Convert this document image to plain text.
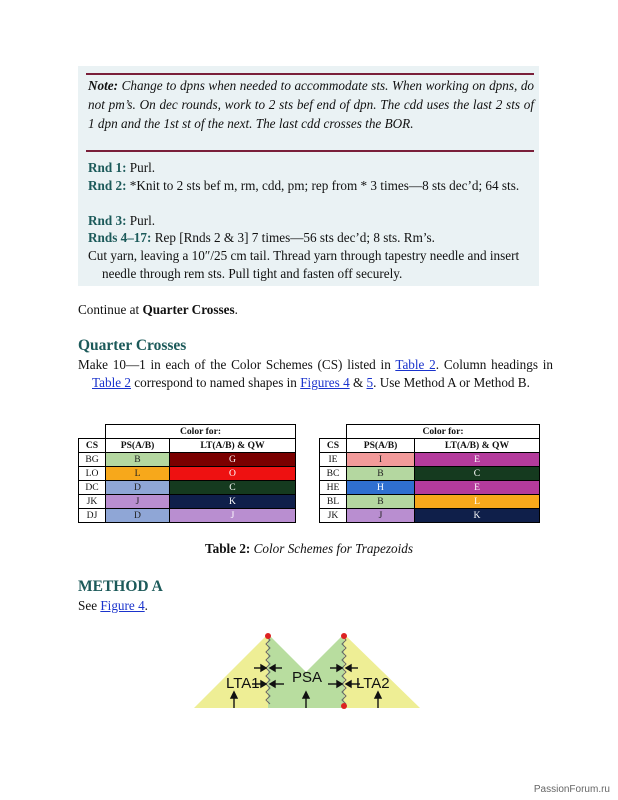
Note: Change to dpns when needed to accommodate sts. When working on dpns, do not pm’s. On dec rounds, work to 2 sts bef end of dpn. The cdd uses the last 2 sts of 1 dpn and the 1st st of the next. The last cdd crosses the BOR.
Rnd 1: Purl.
Rnd 2: *Knit to 2 sts bef m, rm, cdd, pm; rep from * 3 times—8 sts dec’d; 64 sts.
Rnd 3: Purl.
Rnds 4–17: Rep [Rnds 2 & 3] 7 times—56 sts dec’d; 8 sts. Rm’s.
Cut yarn, leaving a 10″/25 cm tail. Thread yarn through tapestry needle and insert needle through rem sts. Pull tight and fasten off securely.
Continue at Quarter Crosses.
Quarter Crosses
Make 10—1 in each of the Color Schemes (CS) listed in Table 2. Column headings in Table 2 correspond to named shapes in Figures 4 & 5. Use Method A or Method B.
	Color for:	
CS	PS(A/B)	LT(A/B) & QW
BG	B	G
LO	L	O
DC	D	C
JK	J	K
DJ	D	J
	Color for:	
CS	PS(A/B)	LT(A/B) & QW
IE	I	E
BC	B	C
HE	H	E
BL	B	L
JK	J	K
Table 2: Color Schemes for Trapezoids
METHOD A
See Figure 4.
LTA1 PSA LTA2
PassionForum.ru
